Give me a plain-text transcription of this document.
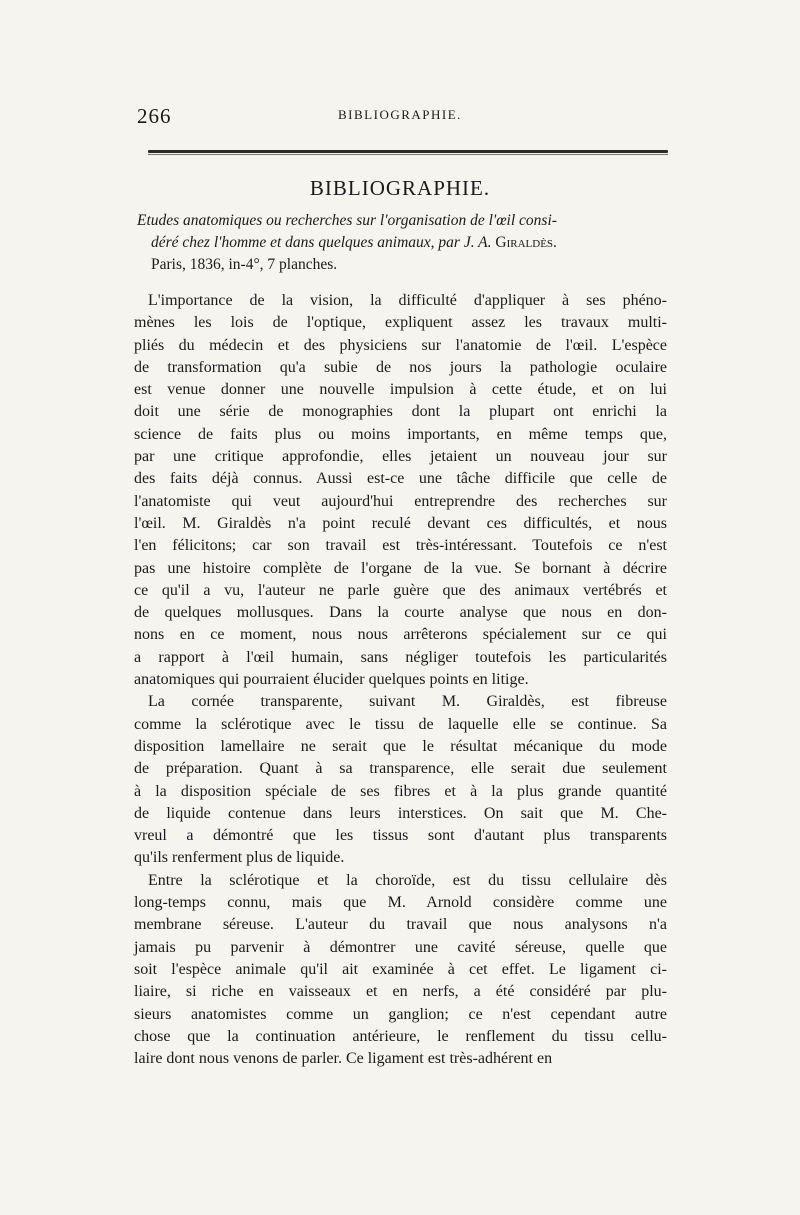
266	BIBLIOGRAPHIE.
BIBLIOGRAPHIE.
Etudes anatomiques ou recherches sur l'organisation de l'œil consi-
déré chez l'homme et dans quelques animaux, par J. A. Giraldès.
Paris, 1836, in-4°, 7 planches.
L'importance de la vision, la difficulté d'appliquer à ses phéno-
mènes les lois de l'optique, expliquent assez les travaux multi-
pliés du médecin et des physiciens sur l'anatomie de l'œil. L'espèce
de transformation qu'a subie de nos jours la pathologie oculaire
est venue donner une nouvelle impulsion à cette étude, et on lui
doit une série de monographies dont la plupart ont enrichi la
science de faits plus ou moins importants, en même temps que,
par une critique approfondie, elles jetaient un nouveau jour sur
des faits déjà connus. Aussi est-ce une tâche difficile que celle de
l'anatomiste qui veut aujourd'hui entreprendre des recherches sur
l'œil. M. Giraldès n'a point reculé devant ces difficultés, et nous
l'en félicitons; car son travail est très-intéressant. Toutefois ce n'est
pas une histoire complète de l'organe de la vue. Se bornant à décrire
ce qu'il a vu, l'auteur ne parle guère que des animaux vertébrés et
de quelques mollusques. Dans la courte analyse que nous en don-
nons en ce moment, nous nous arrêterons spécialement sur ce qui
a rapport à l'œil humain, sans négliger toutefois les particularités
anatomiques qui pourraient élucider quelques points en litige.
La cornée transparente, suivant M. Giraldès, est fibreuse
comme la sclérotique avec le tissu de laquelle elle se continue. Sa
disposition lamellaire ne serait que le résultat mécanique du mode
de préparation. Quant à sa transparence, elle serait due seulement
à la disposition spéciale de ses fibres et à la plus grande quantité
de liquide contenue dans leurs interstices. On sait que M. Che-
vreul a démontré que les tissus sont d'autant plus transparents
qu'ils renferment plus de liquide.
Entre la sclérotique et la choroïde, est du tissu cellulaire dès
long-temps connu, mais que M. Arnold considère comme une
membrane séreuse. L'auteur du travail que nous analysons n'a
jamais pu parvenir à démontrer une cavité séreuse, quelle que
soit l'espèce animale qu'il ait examinée à cet effet. Le ligament ci-
liaire, si riche en vaisseaux et en nerfs, a été considéré par plu-
sieurs anatomistes comme un ganglion; ce n'est cependant autre
chose que la continuation antérieure, le renflement du tissu cellu-
laire dont nous venons de parler. Ce ligament est très-adhérent en
